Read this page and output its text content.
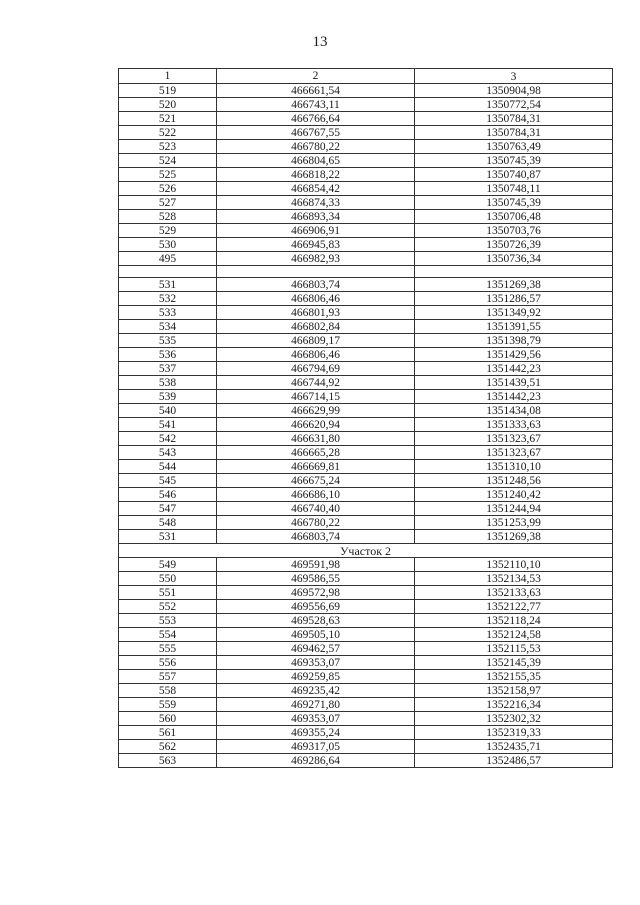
13
1	2	3
519	466661,54	1350904,98
520	466743,11	1350772,54
521	466766,64	1350784,31
522	466767,55	1350784,31
523	466780,22	1350763,49
524	466804,65	1350745,39
525	466818,22	1350740,87
526	466854,42	1350748,11
527	466874,33	1350745,39
528	466893,34	1350706,48
529	466906,91	1350703,76
530	466945,83	1350726,39
495	466982,93	1350736,34

531	466803,74	1351269,38
532	466806,46	1351286,57
533	466801,93	1351349,92
534	466802,84	1351391,55
535	466809,17	1351398,79
536	466806,46	1351429,56
537	466794,69	1351442,23
538	466744,92	1351439,51
539	466714,15	1351442,23
540	466629,99	1351434,08
541	466620,94	1351333,63
542	466631,80	1351323,67
543	466665,28	1351323,67
544	466669,81	1351310,10
545	466675,24	1351248,56
546	466686,10	1351240,42
547	466740,40	1351244,94
548	466780,22	1351253,99
531	466803,74	1351269,38
Участок 2		
549	469591,98	1352110,10
550	469586,55	1352134,53
551	469572,98	1352133,63
552	469556,69	1352122,77
553	469528,63	1352118,24
554	469505,10	1352124,58
555	469462,57	1352115,53
556	469353,07	1352145,39
557	469259,85	1352155,35
558	469235,42	1352158,97
559	469271,80	1352216,34
560	469353,07	1352302,32
561	469355,24	1352319,33
562	469317,05	1352435,71
563	469286,64	1352486,57
